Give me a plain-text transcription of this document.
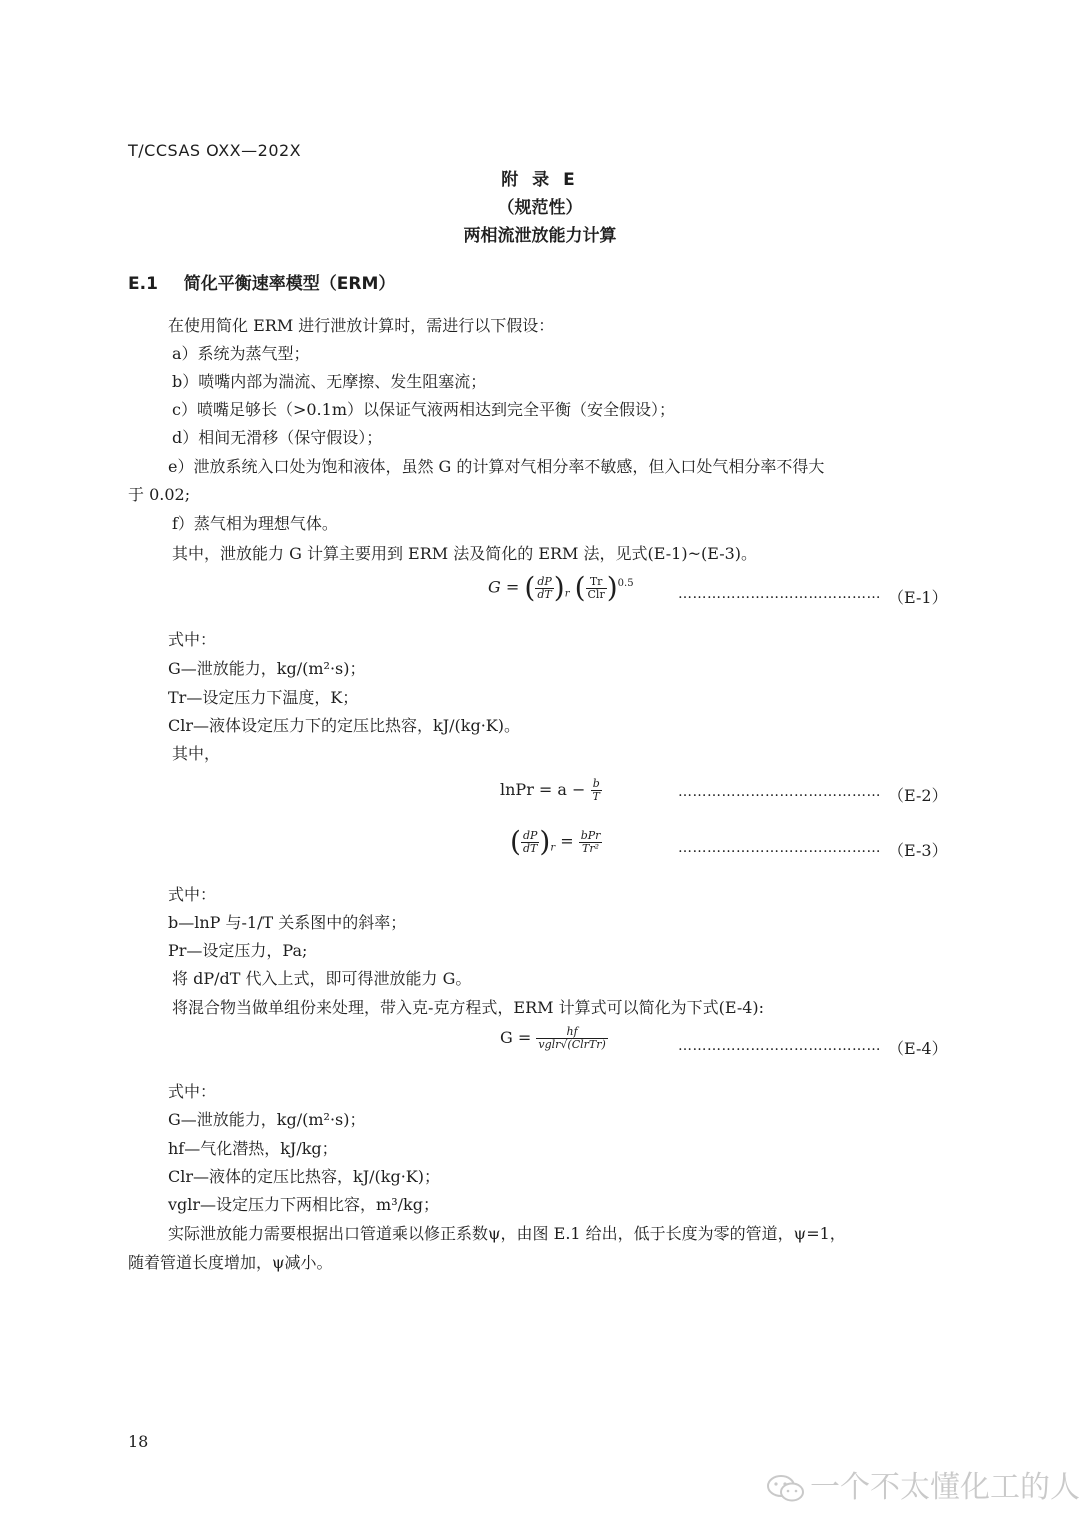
T/CCSAS OXX—202X
附 录 E
（规范性）
两相流泄放能力计算
E.1 简化平衡速率模型（ERM）
在使用简化 ERM 进行泄放计算时，需进行以下假设：
a）系统为蒸气型；
b）喷嘴内部为湍流、无摩擦、发生阻塞流；
c）喷嘴足够长（>0.1m）以保证气液两相达到完全平衡（安全假设）；
d）相间无滑移（保守假设）；
e）泄放系统入口处为饱和液体，虽然 G 的计算对气相分率不敏感，但入口处气相分率不得大
于 0.02;
f）蒸气相为理想气体。
其中，泄放能力 G 计算主要用到 ERM 法及简化的 ERM 法，见式(E-1)~(E-3)。
G = ( $\frac{dP}{dT} )_r$ ( $\frac{Tr}{\text{Clr}} )^{0.5}$
…………………………………… （E-1）
式中：
G—泄放能力，kg/(m²·s)；
Tr—设定压力下温度，K；
Clr—液体设定压力下的定压比热容，kJ/(kg·K)。
其中，
lnPr = $a - \frac{b}{T}$	…………………………………… （E-2）
( $\frac{dP}{dT} )_r = \frac{\text{bPr}}{\text{Tr²}}$	…………………………………… （E-3）
式中：
b—lnP 与-1/T 关系图中的斜率；
Pr—设定压力，Pa;
将 dP/dT 代入上式，即可得泄放能力 G。
将混合物当做单组份来处理，带入克-克方程式，ERM 计算式可以简化为下式(E-4):
$G = \frac{hf}{\text{vglr√(ClrTr)}}$	…………………………………… （E-4）
式中：
G—泄放能力，kg/(m²·s)；
hf—气化潜热，kJ/kg；
Clr—液体的定压比热容，kJ/(kg·K)；
vglr—设定压力下两相比容，m³/kg；
实际泄放能力需要根据出口管道乘以修正系数ψ，由图 E.1 给出，低于长度为零的管道，ψ=1，
随着管道长度增加，ψ减小。
18
一个不太懂化工的人
